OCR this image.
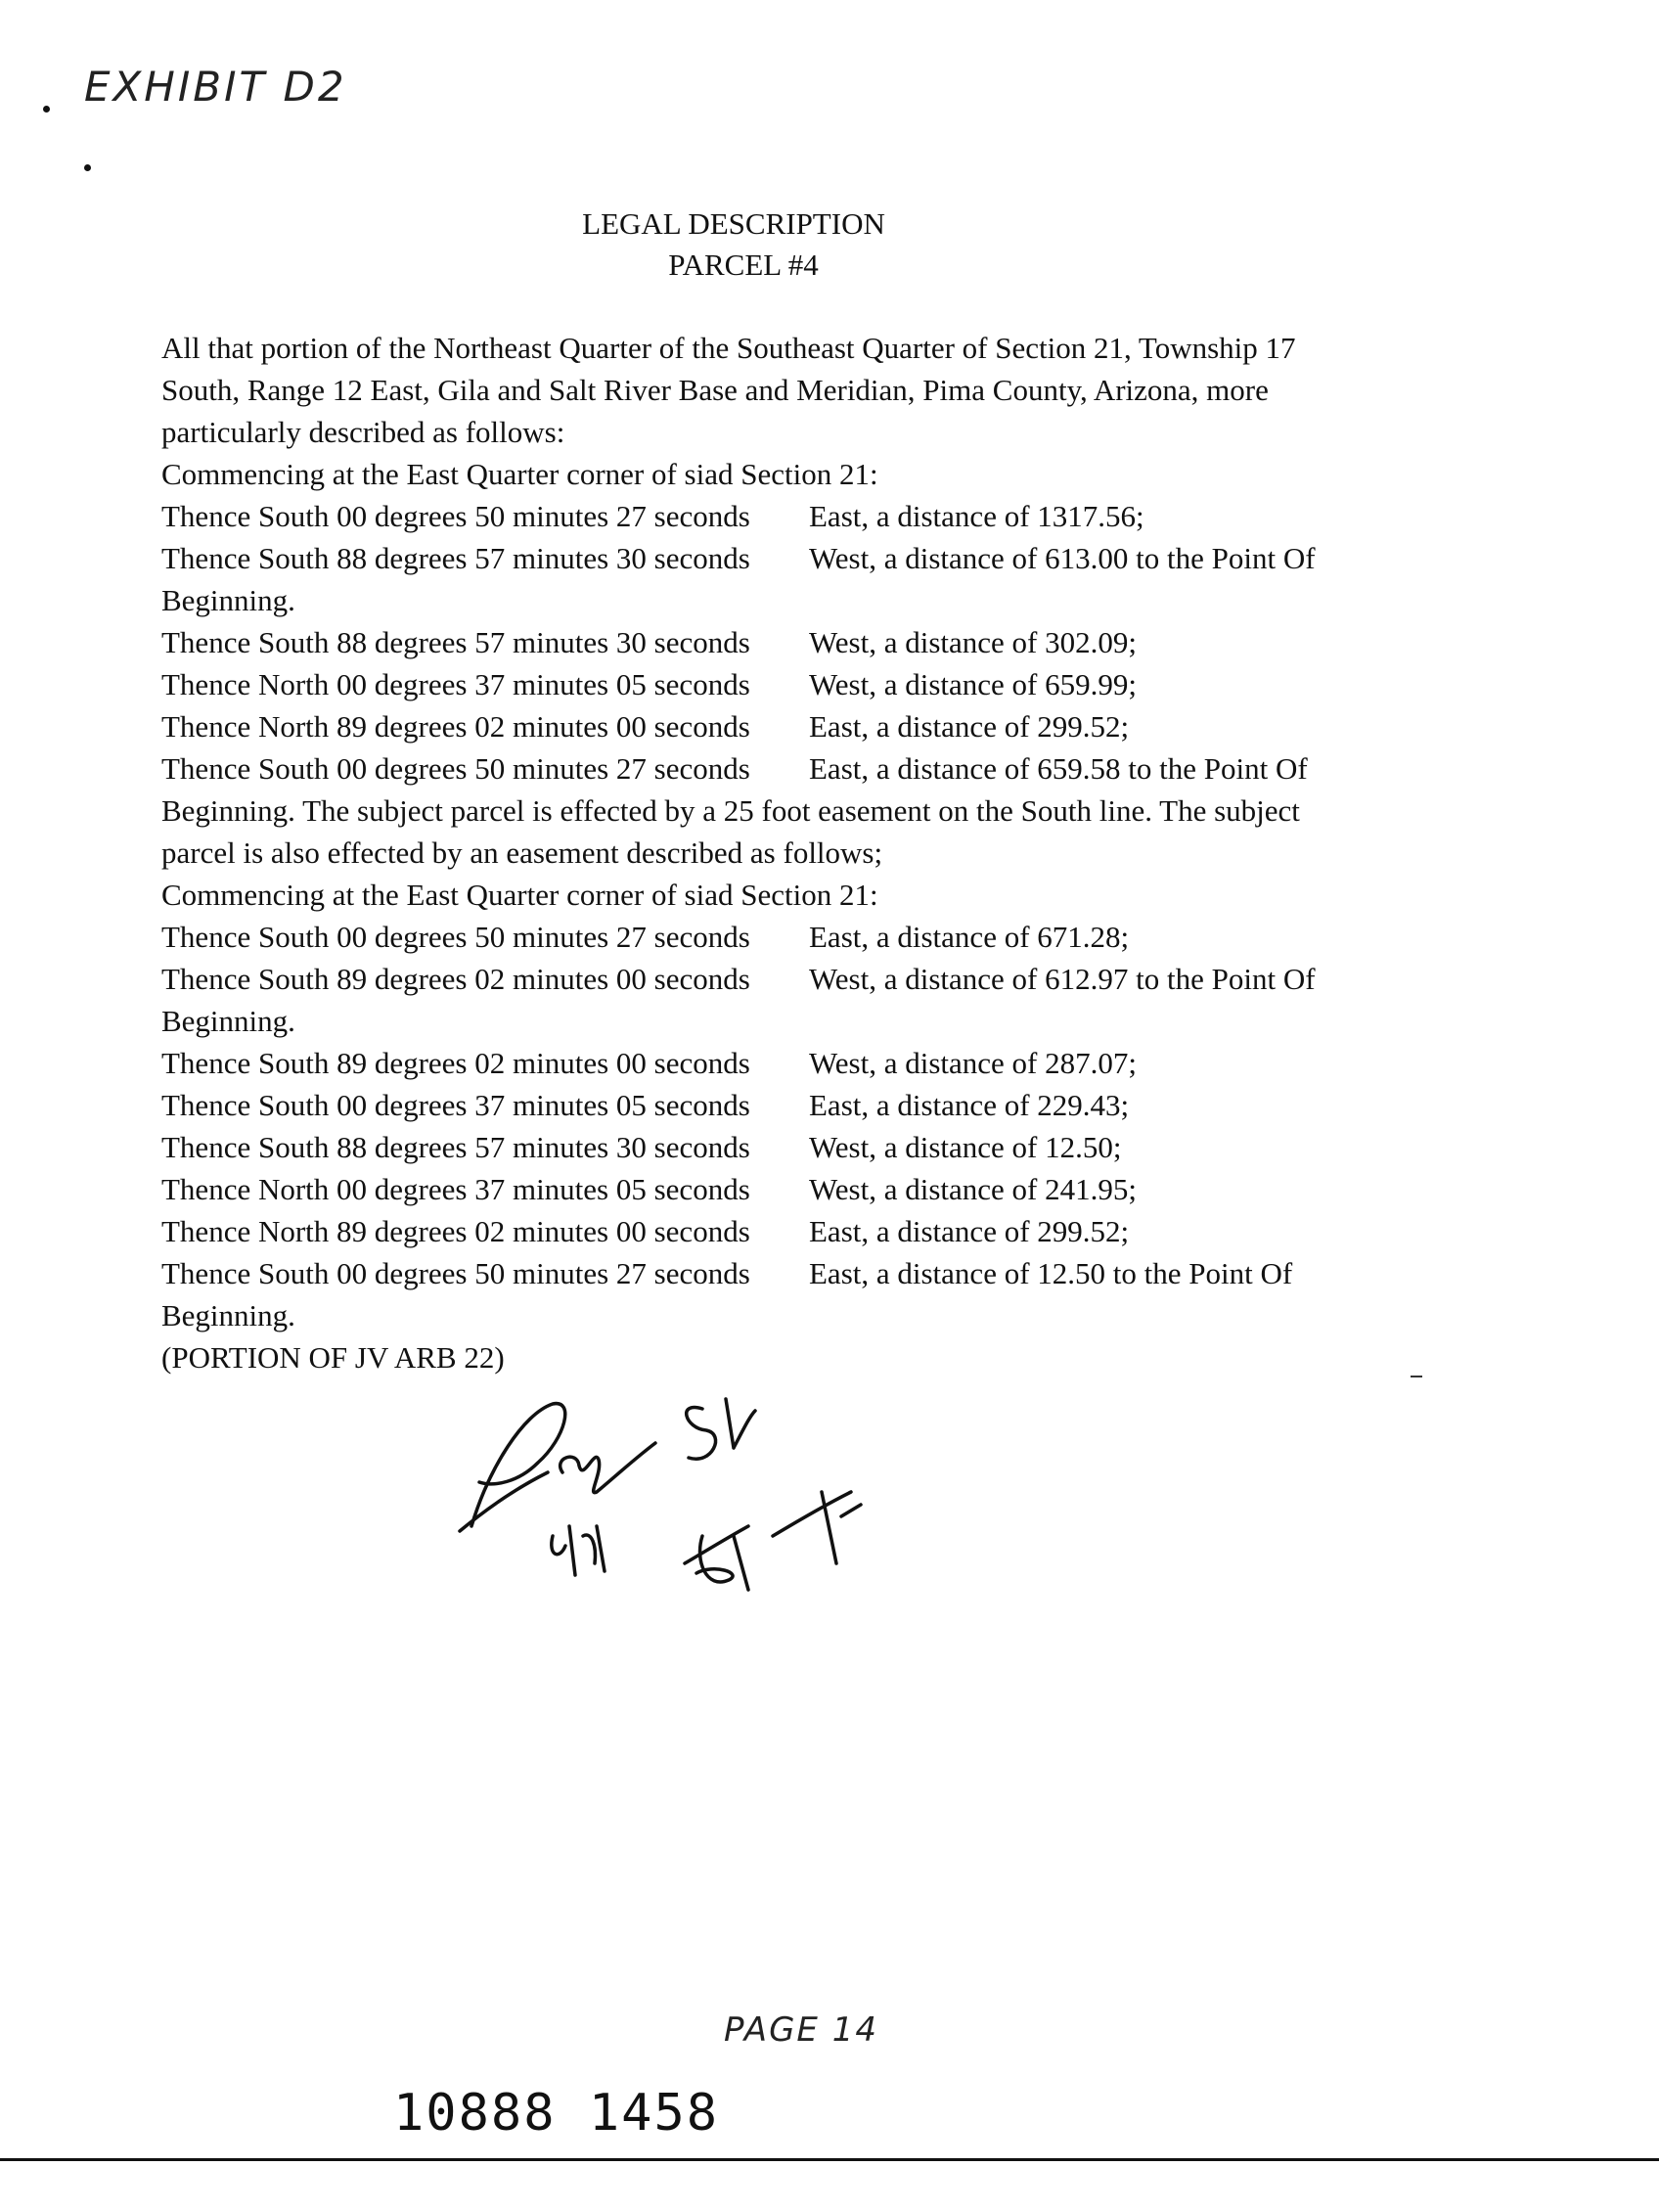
EXHIBIT D2
LEGAL DESCRIPTION
PARCEL #4
All that portion of the Northeast Quarter of the Southeast Quarter of Section 21, Township 17
South, Range 12 East, Gila and Salt River Base and Meridian, Pima County, Arizona, more
particularly described as follows:
Commencing at the East Quarter corner of siad Section 21:
Thence South 00 degrees 50 minutes 27 seconds East, a distance of 1317.56;
Thence South 88 degrees 57 minutes 30 seconds West, a distance of 613.00 to the Point Of
Beginning.
Thence South 88 degrees 57 minutes 30 seconds West, a distance of 302.09;
Thence North 00 degrees 37 minutes 05 seconds West, a distance of 659.99;
Thence North 89 degrees 02 minutes 00 seconds East, a distance of 299.52;
Thence South 00 degrees 50 minutes 27 seconds East, a distance of 659.58 to the Point Of
Beginning. The subject parcel is effected by a 25 foot easement on the South line. The subject
parcel is also effected by an easement described as follows;
Commencing at the East Quarter corner of siad Section 21:
Thence South 00 degrees 50 minutes 27 seconds East, a distance of 671.28;
Thence South 89 degrees 02 minutes 00 seconds West, a distance of 612.97 to the Point Of
Beginning.
Thence South 89 degrees 02 minutes 00 seconds West, a distance of 287.07;
Thence South 00 degrees 37 minutes 05 seconds East, a distance of 229.43;
Thence South 88 degrees 57 minutes 30 seconds West, a distance of 12.50;
Thence North 00 degrees 37 minutes 05 seconds West, a distance of 241.95;
Thence North 89 degrees 02 minutes 00 seconds East, a distance of 299.52;
Thence South 00 degrees 50 minutes 27 seconds East, a distance of 12.50 to the Point Of
Beginning.
(PORTION OF JV ARB 22)
PAGE 14
10888 1458
